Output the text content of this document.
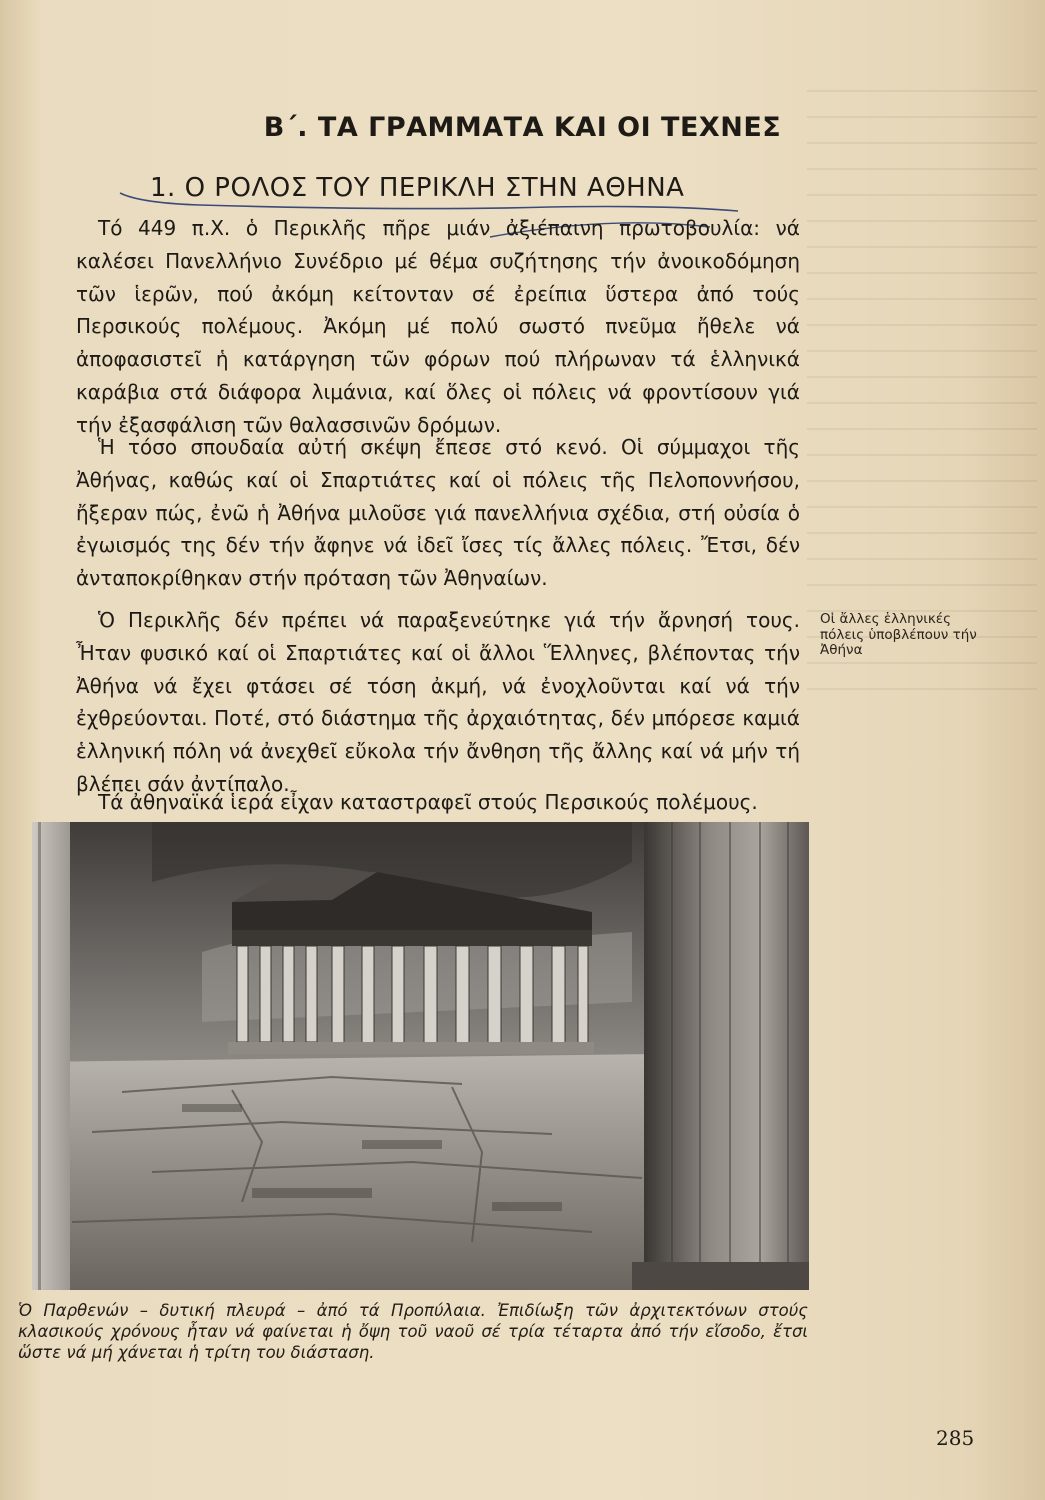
Β΄. ΤΑ ΓΡΑΜΜΑΤΑ ΚΑΙ ΟΙ ΤΕΧΝΕΣ
1. Ο ΡΟΛΟΣ ΤΟΥ ΠΕΡΙΚΛΗ ΣΤΗΝ ΑΘΗΝΑ

Τό 449 π.Χ. ὁ Περικλῆς πῆρε μιάν ἀξιέπαινη πρωτοβουλία: νά καλέσει Πανελλήνιο Συνέδριο μέ θέμα συζήτησης τήν ἀνοικοδόμηση τῶν ἱερῶν, πού ἀκόμη κείτονταν σέ ἐρείπια ὕστερα ἀπό τούς Περσικούς πολέμους. Ἀκόμη μέ πολύ σωστό πνεῦμα ἤθελε νά ἀποφασιστεῖ ἡ κατάργηση τῶν φόρων πού πλήρωναν τά ἑλληνικά καράβια στά διάφορα λιμάνια, καί ὅλες οἱ πόλεις νά φροντίσουν γιά τήν ἐξασφάλιση τῶν θαλασσινῶν δρόμων.

Ἡ τόσο σπουδαία αὐτή σκέψη ἔπεσε στό κενό. Οἱ σύμμαχοι τῆς Ἀθήνας, καθώς καί οἱ Σπαρτιάτες καί οἱ πόλεις τῆς Πελοποννήσου, ἤξεραν πώς, ἐνῶ ἡ Ἀθήνα μιλοῦσε γιά πανελλήνια σχέδια, στή οὐσία ὁ ἐγωισμός της δέν τήν ἄφηνε νά ἰδεῖ ἴσες τίς ἄλλες πόλεις. Ἔτσι, δέν ἀνταποκρίθηκαν στήν πρόταση τῶν Ἀθηναίων.

Ὁ Περικλῆς δέν πρέπει νά παραξενεύτηκε γιά τήν ἄρνησή τους. Ἦταν φυσικό καί οἱ Σπαρτιάτες καί οἱ ἄλλοι Ἕλληνες, βλέποντας τήν Ἀθήνα νά ἔχει φτάσει σέ τόση ἀκμή, νά ἐνοχλοῦνται καί νά τήν ἐχθρεύονται. Ποτέ, στό διάστημα τῆς ἀρχαιότητας, δέν μπόρεσε καμιά ἑλληνική πόλη νά ἀνεχθεῖ εὔκολα τήν ἄνθηση τῆς ἄλλης καί νά μήν τή βλέπει σάν ἀντίπαλο.

Τά ἀθηναϊκά ἱερά εἶχαν καταστραφεῖ στούς Περσικούς πολέμους.

Οἱ ἄλλες ἑλληνικές πόλεις ὑποβλέπουν τήν Ἀθήνα
Ὁ Παρθενών – δυτική πλευρά – ἀπό τά Προπύλαια. Ἐπιδίωξη τῶν ἀρχιτεκτόνων στούς κλασικούς χρόνους ἦταν νά φαίνεται ἡ ὄψη τοῦ ναοῦ σέ τρία τέταρτα ἀπό τήν εἴσοδο, ἔτσι ὥστε νά μή χάνεται ἡ τρίτη του διάσταση.
285
